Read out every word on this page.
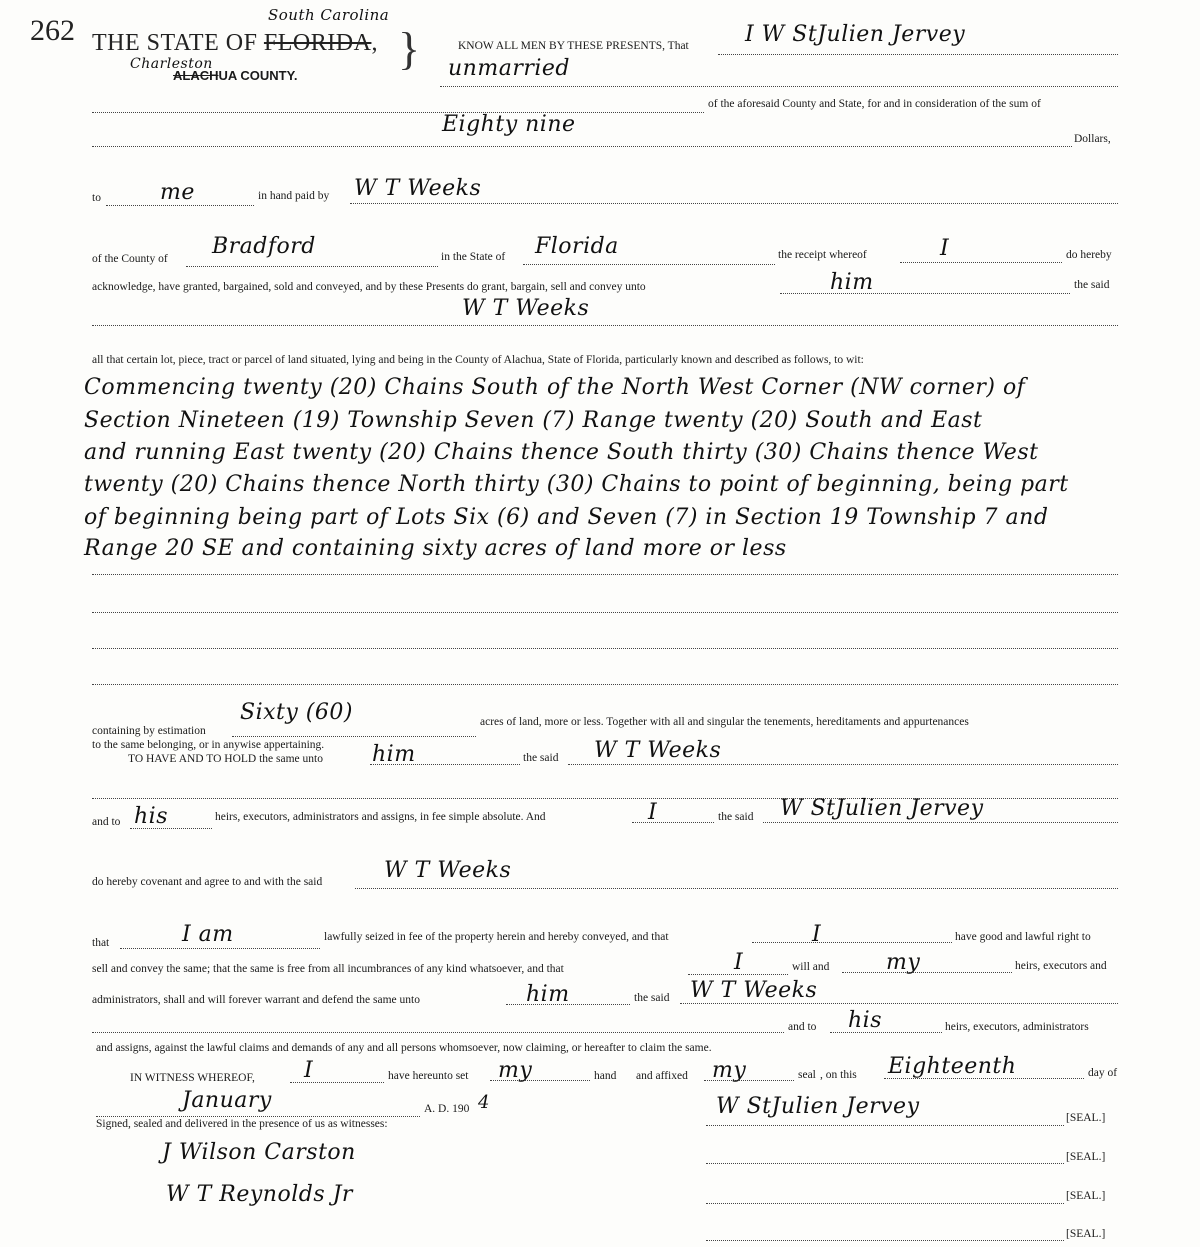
262 THE STATE OF FLORIDA,
South Carolina
Charleston
ALACHUA COUNTY.
}	KNOW ALL MEN BY THESE PRESENTS, That	I W StJulien Jervey
unmarried
of the aforesaid County and State, for and in consideration of the sum of
Eighty nine
Dollars,
to	me	in hand paid by W T Weeks
of the County of Bradford	in the State of Florida	the receipt whereof	I	do hereby
acknowledge, have granted, bargained, sold and conveyed, and by these Presents do grant, bargain, sell and convey unto	him	the said
W T Weeks
all that certain lot, piece, tract or parcel of land situated, lying and being in the County of Alachua, State of Florida, particularly known and described as follows, to wit:
Commencing twenty (20) Chains South of the North West Corner (NW corner) of
Section Nineteen (19) Township Seven (7) Range twenty (20) South and East
and running East twenty (20) Chains thence South thirty (30) Chains thence West
twenty (20) Chains thence North thirty (30) Chains to point of beginning, being part
of beginning being part of Lots Six (6) and Seven (7) in Section 19 Township 7 and
Range 20 SE and containing sixty acres of land more or less
containing by estimation
Sixty (60)	acres of land, more or less. Together with all and singular the tenements, hereditaments and appurtenances
to the same belonging, or in anywise appertaining.
TO HAVE AND TO HOLD the same unto him	the said W T Weeks
and to his	heirs, executors, administrators and assigns, in fee simple absolute. And	I	the said W StJulien Jervey
do hereby covenant and agree to and with the said	W T Weeks
that	I am	lawfully seized in fee of the property herein and hereby conveyed, and that	I	have good and lawful right to
sell and convey the same; that the same is free from all incumbrances of any kind whatsoever, and that	I	will and	my	heirs, executors and
administrators, shall and will forever warrant and defend the same unto	him	the said W T Weeks
and to his	heirs, executors, administrators
and assigns, against the lawful claims and demands of any and all persons whomsoever, now claiming, or hereafter to claim the same.
IN WITNESS WHEREOF, I	have hereunto set my	hand and affixed my	seal , on this Eighteenth	day of
January	A. D. 190 4
Signed, sealed and delivered in the presence of us as witnesses:
J Wilson Carston
W T Reynolds Jr
W StJulien Jervey	[SEAL.]
[SEAL.]
[SEAL.]
[SEAL.]
